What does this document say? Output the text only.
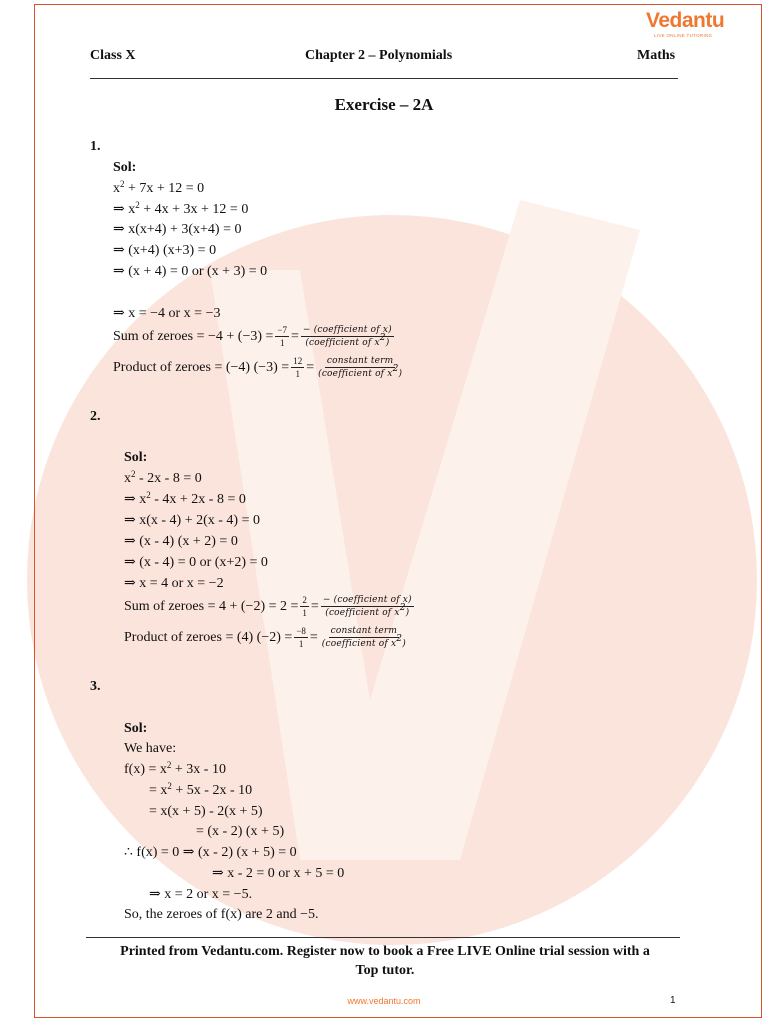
Vedantu
LIVE ONLINE TUTORING
Class X	Chapter 2 – Polynomials	Maths
Exercise – 2A
1.
Sol:
$x^2 + 7x + 12 = 0$
⇒ $x^2 + 4x + 3x + 12 = 0$
⇒ x(x+4) + 3(x+4) = 0
⇒ (x+4) (x+3) = 0
⇒ (x + 4) = 0 or (x + 3) = 0
⇒ x = −4 or x = −3
Sum of zeroes = $-4 + (-3) = \frac{-7}{1} = \frac{\text{− (coefficient of x)}}{(coefficient of x^2)}$
Product of zeroes = (−4) $(-3) = \frac{12}{1} = \frac{\text{constant term}}{(coefficient of x^2)}$
2.
Sol:
$x^2 - 2x - 8 = 0$
⇒ $x^2 - 4x + 2x - 8 = 0$
⇒ x(x - 4) + 2(x - 4) = 0
⇒ (x - 4) (x + 2) = 0
⇒ (x - 4) = 0 or (x+2) = 0
⇒ x = 4 or x = −2
Sum of zeroes = $4 + (-2) = 2 = \frac{2}{1} = \frac{\text{− (coefficient of x)}}{(coefficient of x^2)}$
Product of zeroes = (4) $(-2) = \frac{-8}{1} = \frac{\text{constant term}}{(coefficient of x^2)}$
3.
Sol:
We have:
$f(x) = x^2 + 3x - 10$
= $x^2 + 5x - 2x - 10$
= x(x + 5) - 2(x + 5)
= (x - 2) (x + 5)
∴ f(x) = 0 ⇒ (x - 2) (x + 5) = 0
⇒ x - 2 = 0 or x + 5 = 0
⇒ x = 2 or x = −5.
So, the zeroes of f(x) are 2 and −5.
Printed from Vedantu.com. Register now to book a Free LIVE Online trial session with a
Top tutor.
www.vedantu.com	1
